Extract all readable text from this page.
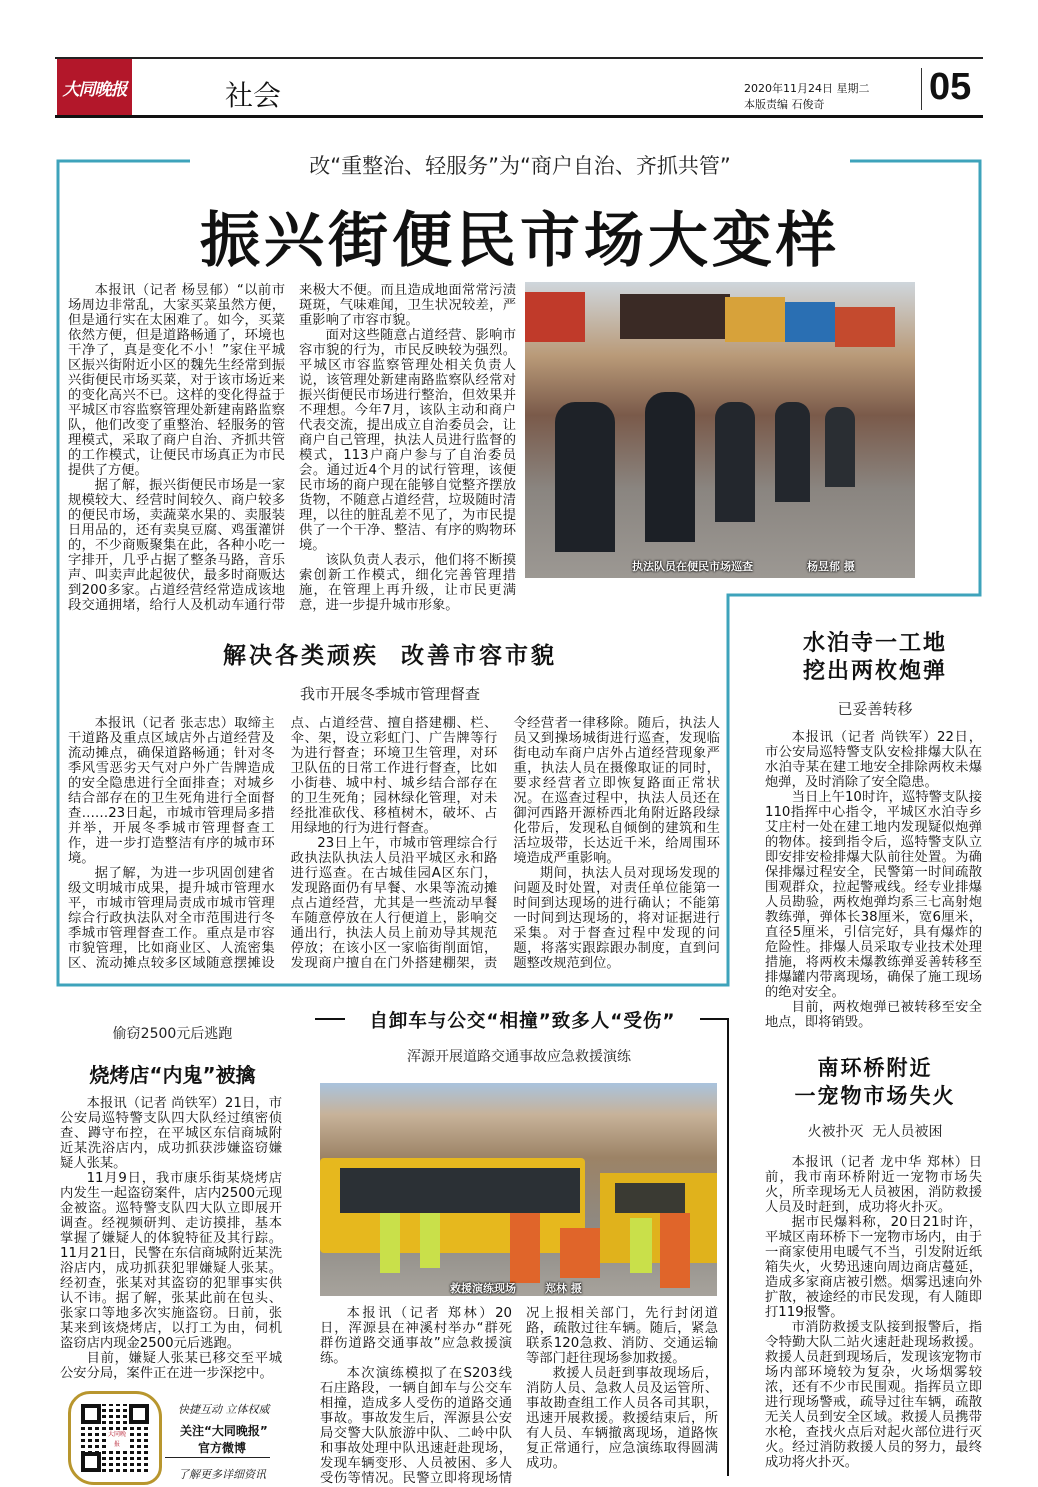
大同晚报	社会	2020年11月24日 星期二
本版责编 石俊奇	05
改“重整治、轻服务”为“商户自治、齐抓共管”
振兴街便民市场大变样

本报讯（记者 杨昱郁）“以前市场周边非常乱，大家买菜虽然方便，但是通行实在太困难了。如今，买菜依然方便，但是道路畅通了，环境也干净了，真是变化不小！”家住平城区振兴街附近小区的魏先生经常到振兴街便民市场买菜，对于该市场近来的变化高兴不已。这样的变化得益于平城区市容监察管理处新建南路监察队，他们改变了重整治、轻服务的管理模式，采取了商户自治、齐抓共管的工作模式，让便民市场真正为市民提供了方便。

据了解，振兴街便民市场是一家规模较大、经营时间较久、商户较多的便民市场，卖蔬菜水果的、卖服装日用品的，还有卖臭豆腐、鸡蛋灌饼的，不少商贩聚集在此，各种小吃一字排开，几乎占据了整条马路，音乐声、叫卖声此起彼伏，最多时商贩达到200多家。占道经营经常造成该地段交通拥堵，给行人及机动车通行带来极大不便。而且造成地面常常污渍斑斑，气味难闻，卫生状况较差，严重影响了市容市貌。

面对这些随意占道经营、影响市容市貌的行为，市民反映较为强烈。平城区市容监察管理处相关负责人说，该管理处新建南路监察队经常对振兴街便民市场进行整治，但效果并不理想。今年7月，该队主动和商户代表交流，提出成立自治委员会，让商户自己管理，执法人员进行监督的模式，113户商户参与了自治委员会。通过近4个月的试行管理，该便民市场的商户现在能够自觉整齐摆放货物，不随意占道经营，垃圾随时清理，以往的脏乱差不见了，为市民提供了一个干净、整洁、有序的购物环境。

该队负责人表示，他们将不断摸索创新工作模式，细化完善管理措施，在管理上再升级，让市民更满意，进一步提升城市形象。

执法队员在便民市场巡查	杨昱郁 摄
解决各类顽疾  改善市容市貌
我市开展冬季城市管理督查

本报讯（记者 张志忠）取缔主干道路及重点区域店外占道经营及流动摊点，确保道路畅通；针对冬季风雪恶劣天气对户外广告牌造成的安全隐患进行全面排查；对城乡结合部存在的卫生死角进行全面督查……23日起，市城市管理局多措并举，开展冬季城市管理督查工作，进一步打造整洁有序的城市环境。

据了解，为进一步巩固创建省级文明城市成果，提升城市管理水平，市城市管理局责成市城市管理综合行政执法队对全市范围进行冬季城市管理督查工作。重点是市容市貌管理，比如商业区、人流密集区、流动摊点较多区域随意摆摊设点、占道经营、擅自搭建棚、栏、伞、架，设立彩虹门、广告牌等行为进行督查；环境卫生管理，对环卫队伍的日常工作进行督查，比如小街巷、城中村、城乡结合部存在的卫生死角；园林绿化管理，对未经批准砍伐、移植树木，破坏、占用绿地的行为进行督查。

23日上午，市城市管理综合行政执法队执法人员沿平城区永和路进行巡查。在古城佳园A区东门，发现路面仍有早餐、水果等流动摊点占道经营，尤其是一些流动早餐车随意停放在人行便道上，影响交通出行，执法人员上前劝导其规范停放；在该小区一家临街削面馆，发现商户擅自在门外搭建棚架，责令经营者一律移除。随后，执法人员又到操场城街进行巡查，发现临街电动车商户店外占道经营现象严重，执法人员在摄像取证的同时，要求经营者立即恢复路面正常状况。在巡查过程中，执法人员还在御河西路开源桥西北角附近路段绿化带后，发现私自倾倒的建筑和生活垃圾带，长达近千米，给周围环境造成严重影响。

期间，执法人员对现场发现的问题及时处置，对责任单位能第一时间到达现场的进行确认；不能第一时间到达现场的，将对证据进行采集。对于督查过程中发现的问题，将落实跟踪跟办制度，直到问题整改规范到位。

水泊寺一工地
挖出两枚炮弹
已妥善转移

本报讯（记者 尚铁军）22日，市公安局巡特警支队安检排爆大队在水泊寺某在建工地安全排除两枚未爆炮弹，及时消除了安全隐患。

当日上午10时许，巡特警支队接110指挥中心指令，平城区水泊寺乡艾庄村一处在建工地内发现疑似炮弹的物体。接到指令后，巡特警支队立即安排安检排爆大队前往处置。为确保排爆过程安全，民警第一时间疏散围观群众，拉起警戒线。经专业排爆人员勘验，两枚炮弹均系三七高射炮教练弹，弹体长38厘米，宽6厘米，直径5厘米，引信完好，具有爆炸的危险性。排爆人员采取专业技术处理措施，将两枚未爆教练弹妥善转移至排爆罐内带离现场，确保了施工现场的绝对安全。

目前，两枚炮弹已被转移至安全地点，即将销毁。

偷窃2500元后逃跑
烧烤店“内鬼”被擒

本报讯（记者 尚铁军）21日，市公安局巡特警支队四大队经过缜密侦查、蹲守布控，在平城区东信商城附近某洗浴店内，成功抓获涉嫌盗窃嫌疑人张某。

11月9日，我市康乐街某烧烤店内发生一起盗窃案件，店内2500元现金被盗。巡特警支队四大队立即展开调查。经视频研判、走访摸排，基本掌握了嫌疑人的体貌特征及其行踪。11月21日，民警在东信商城附近某洗浴店内，成功抓获犯罪嫌疑人张某。经初查，张某对其盗窃的犯罪事实供认不讳。据了解，张某此前在包头、张家口等地多次实施盗窃。日前，张某来到该烧烤店，以打工为由，伺机盗窃店内现金2500元后逃跑。

目前，嫌疑人张某已移交至平城公安分局，案件正在进一步深挖中。

大同晚报
快捷互动 立体权威
关注“大同晚报”
官方微博
了解更多详细资讯
自卸车与公交“相撞”致多人“受伤”
浑源开展道路交通事故应急救援演练
救援演练现场	郑林 摄

本报讯（记者 郑林）20日，浑源县在神溪村举办“群死群伤道路交通事故”应急救援演练。

本次演练模拟了在S203线石庄路段，一辆自卸车与公交车相撞，造成多人受伤的道路交通事故。事故发生后，浑源县公安局交警大队旅游中队、二岭中队和事故处理中队迅速赶赴现场，发现车辆变形、人员被困、多人受伤等情况。民警立即将现场情况上报相关部门，先行封闭道路，疏散过往车辆。随后，紧急联系120急救、消防、交通运输等部门赶往现场参加救援。

救援人员赶到事故现场后，消防人员、急救人员及运管所、事故勘查组工作人员各司其职，迅速开展救援。救援结束后，所有人员、车辆撤离现场，道路恢复正常通行，应急演练取得圆满成功。

南环桥附近
一宠物市场失火
火被扑灭  无人员被困

本报讯（记者 龙中华 郑林）日前，我市南环桥附近一宠物市场失火，所幸现场无人员被困，消防救援人员及时赶到，成功将火扑灭。

据市民爆料称，20日21时许，平城区南环桥下一宠物市场内，由于一商家使用电暖气不当，引发附近纸箱失火，火势迅速向周边商店蔓延，造成多家商店被引燃。烟雾迅速向外扩散，被途经的市民发现，有人随即打119报警。

市消防救援支队接到报警后，指令特勤大队二站火速赶赴现场救援。救援人员赶到现场后，发现该宠物市场内部环境较为复杂，火场烟雾较浓，还有不少市民围观。指挥员立即进行现场警戒，疏导过往车辆，疏散无关人员到安全区域。救援人员携带水枪，查找火点后对起火部位进行灭火。经过消防救援人员的努力，最终成功将火扑灭。
